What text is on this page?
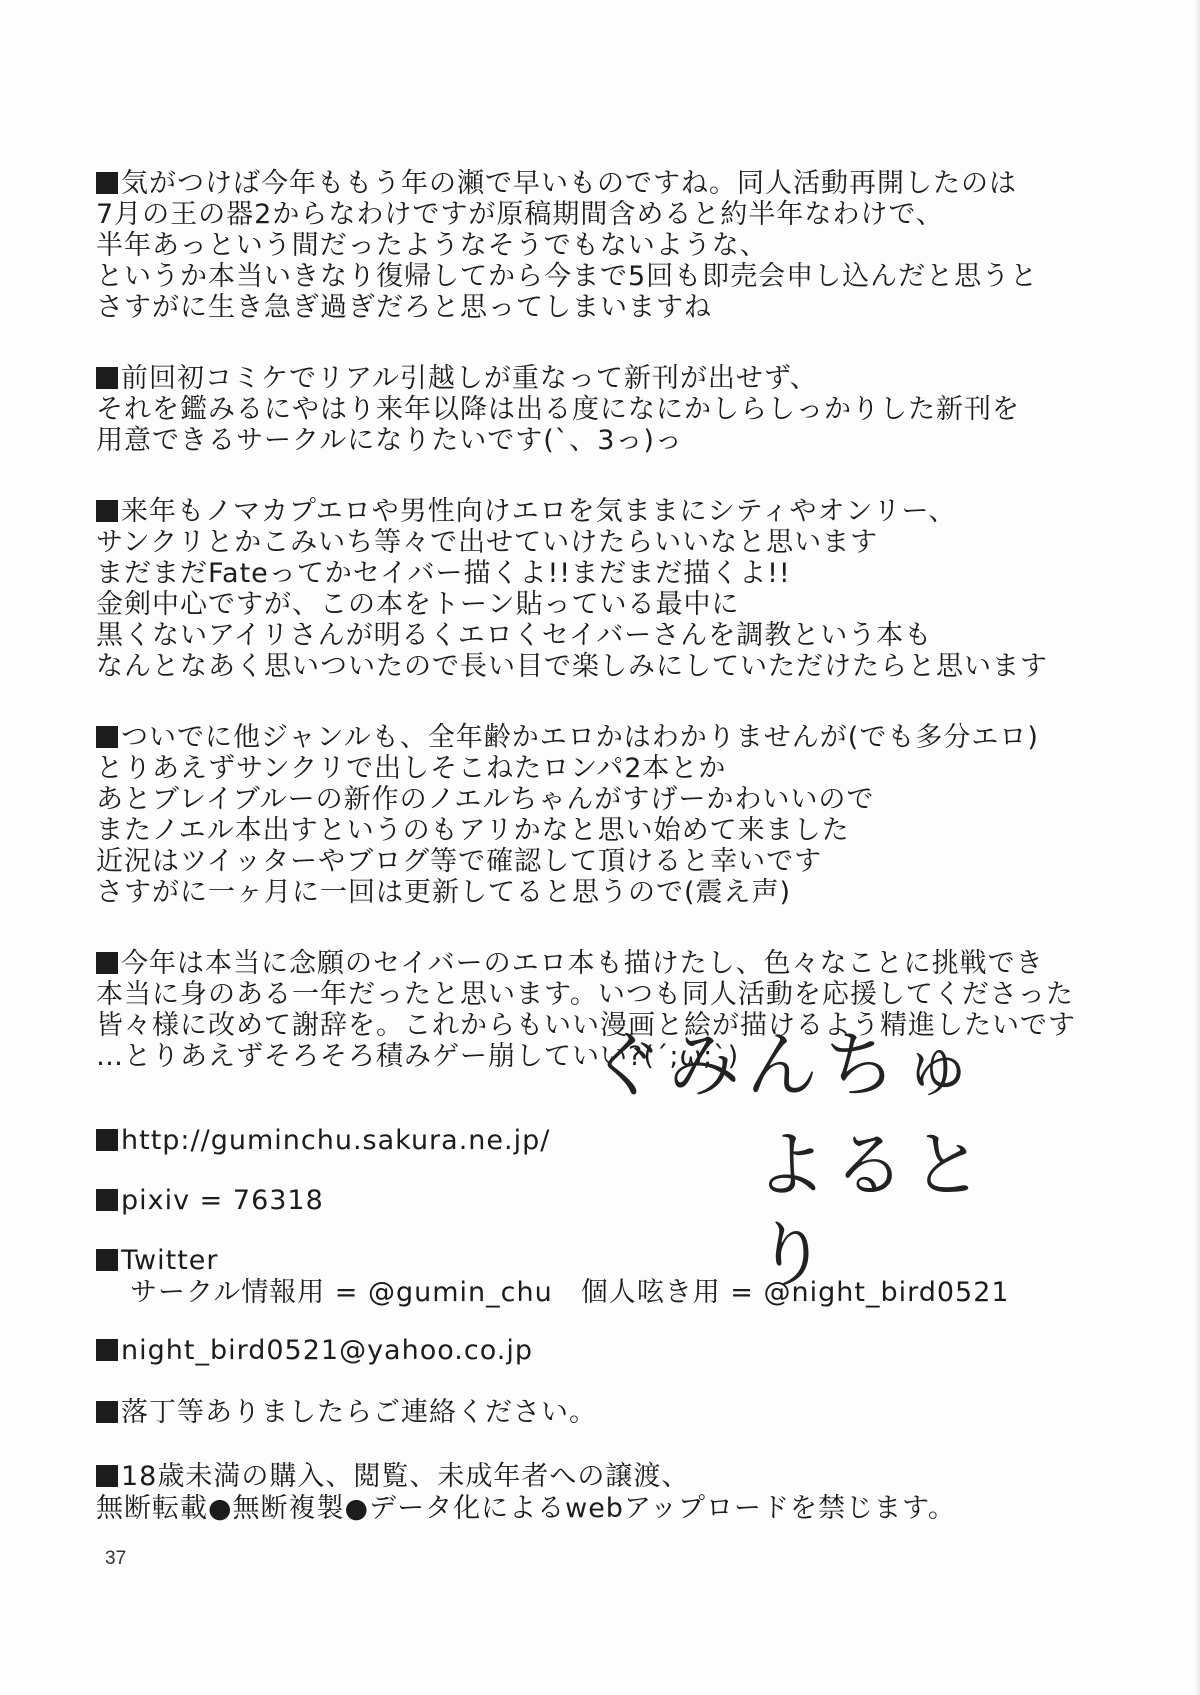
気がつけば今年ももう年の瀬で早いものですね。同人活動再開したのは
7月の王の器2からなわけですが原稿期間含めると約半年なわけで、
半年あっという間だったようなそうでもないような、
というか本当いきなり復帰してから今まで5回も即売会申し込んだと思うと
さすがに生き急ぎ過ぎだろと思ってしまいますね
前回初コミケでリアル引越しが重なって新刊が出せず、
それを鑑みるにやはり来年以降は出る度になにかしらしっかりした新刊を
用意できるサークルになりたいです(`、3っ)っ
来年もノマカプエロや男性向けエロを気ままにシティやオンリー、
サンクリとかこみいち等々で出せていけたらいいなと思います
まだまだFateってかセイバー描くよ!!まだまだ描くよ!!
金剣中心ですが、この本をトーン貼っている最中に
黒くないアイリさんが明るくエロくセイバーさんを調教という本も
なんとなあく思いついたので長い目で楽しみにしていただけたらと思います
ついでに他ジャンルも、全年齢かエロかはわかりませんが(でも多分エロ)
とりあえずサンクリで出しそこねたロンパ2本とか
あとブレイブルーの新作のノエルちゃんがすげーかわいいので
またノエル本出すというのもアリかなと思い始めて来ました
近況はツイッターやブログ等で確認して頂けると幸いです
さすがに一ヶ月に一回は更新してると思うので(震え声)
今年は本当に念願のセイバーのエロ本も描けたし、色々なことに挑戦でき
本当に身のある一年だったと思います。いつも同人活動を応援してくださった
皆々様に改めて謝辞を。これからもいい漫画と絵が描けるよう精進したいです
…とりあえずそろそろ積みゲー崩していい?(´;ω;`)
ぐみんちゅ
よるとり
http://guminchu.sakura.ne.jp/
pixiv = 76318
Twitter
サークル情報用 = @gumin_chu 個人呟き用 = @night_bird0521
night_bird0521@yahoo.co.jp
落丁等ありましたらご連絡ください。
18歳未満の購入、閲覧、未成年者への譲渡、
無断転載●無断複製●データ化によるwebアップロードを禁じます。
37
